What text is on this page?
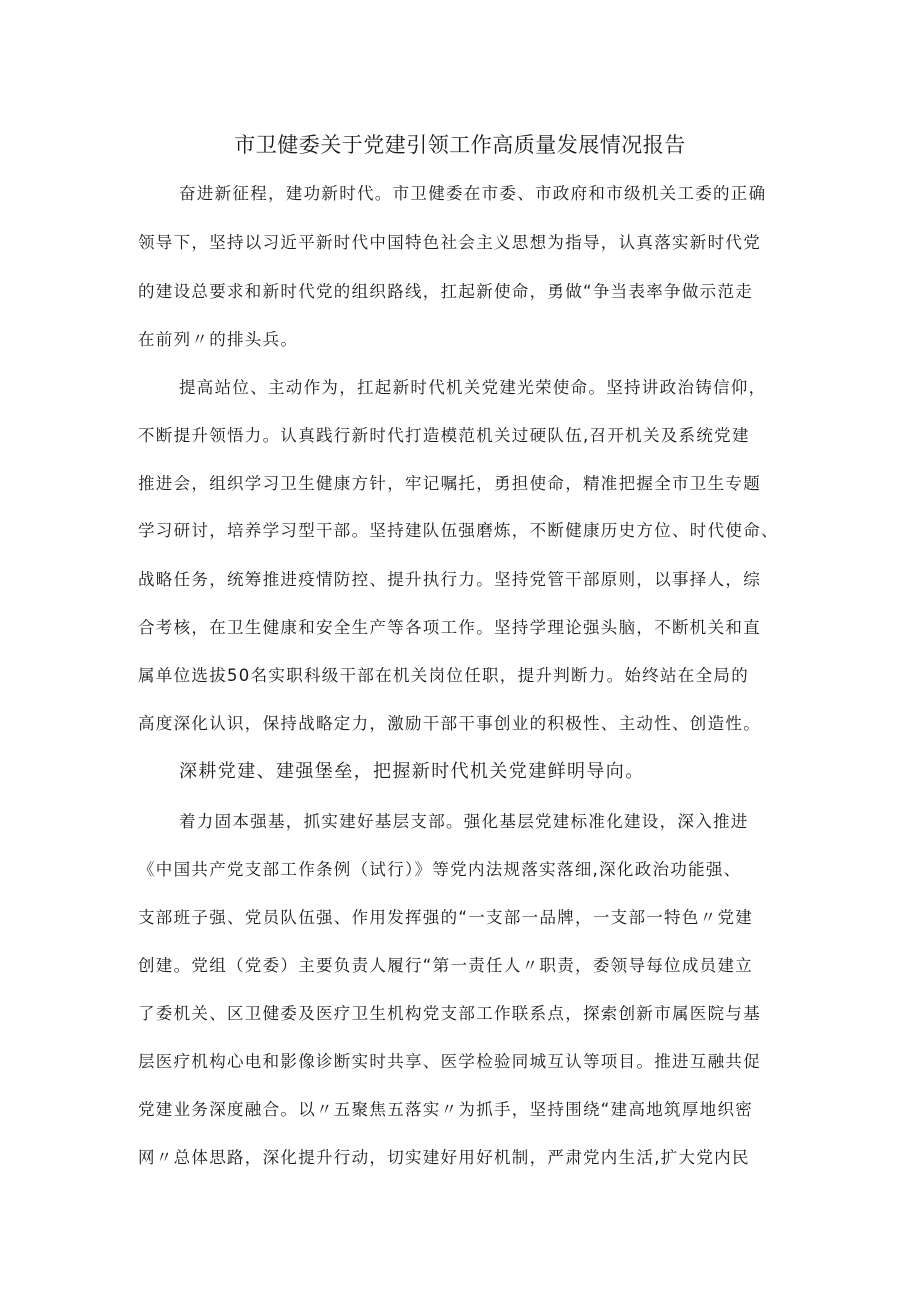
市卫健委关于党建引领工作高质量发展情况报告

奋进新征程，建功新时代。市卫健委在市委、市政府和市级机关工委的正确

领导下，坚持以习近平新时代中国特色社会主义思想为指导，认真落实新时代党

的建设总要求和新时代党的组织路线，扛起新使命，勇做“争当表率争做示范走

在前列〃的排头兵。

提高站位、主动作为，扛起新时代机关党建光荣使命。坚持讲政治铸信仰，

不断提升领悟力。认真践行新时代打造模范机关过硬队伍,召开机关及系统党建

推进会，组织学习卫生健康方针，牢记嘱托，勇担使命，精准把握全市卫生专题

学习研讨，培养学习型干部。坚持建队伍强磨炼，不断健康历史方位、时代使命、

战略任务，统筹推进疫情防控、提升执行力。坚持党管干部原则，以事择人，综

合考核，在卫生健康和安全生产等各项工作。坚持学理论强头脑，不断机关和直

属单位选拔50名实职科级干部在机关岗位任职，提升判断力。始终站在全局的

高度深化认识，保持战略定力，激励干部干事创业的积极性、主动性、创造性。

深耕党建、建强堡垒，把握新时代机关党建鲜明导向。

着力固本强基，抓实建好基层支部。强化基层党建标准化建设，深入推进

《中国共产党支部工作条例（试行）》等党内法规落实落细,深化政治功能强、

支部班子强、党员队伍强、作用发挥强的“一支部一品牌，一支部一特色〃党建

创建。党组（党委）主要负责人履行“第一责任人〃职责，委领导每位成员建立

了委机关、区卫健委及医疗卫生机构党支部工作联系点，探索创新市属医院与基

层医疗机构心电和影像诊断实时共享、医学检验同城互认等项目。推进互融共促

党建业务深度融合。以〃五聚焦五落实〃为抓手，坚持围绕“建高地筑厚地织密

网〃总体思路，深化提升行动，切实建好用好机制，严肃党内生活,扩大党内民
